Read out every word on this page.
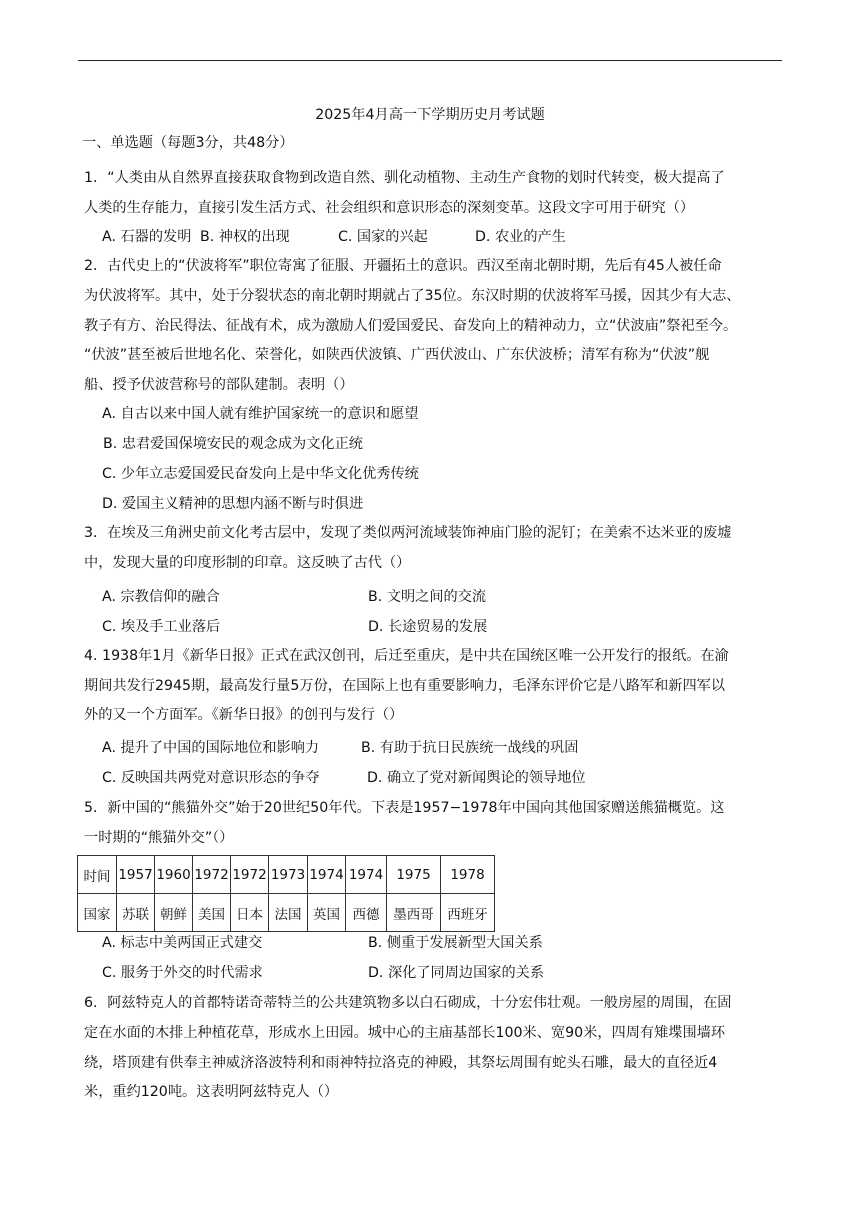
2025年4月高一下学期历史月考试题
一、单选题（每题3分，共48分）
1．“人类由从自然界直接获取食物到改造自然、驯化动植物、主动生产食物的划时代转变，极大提高了
人类的生存能力，直接引发生活方式、社会组织和意识形态的深刻变革。这段文字可用于研究（）
A. 石器的发明 B. 神权的出现	C. 国家的兴起	D. 农业的产生
2．古代史上的“伏波将军”职位寄寓了征服、开疆拓土的意识。西汉至南北朝时期，先后有45人被任命
为伏波将军。其中，处于分裂状态的南北朝时期就占了35位。东汉时期的伏波将军马援，因其少有大志、
教子有方、治民得法、征战有术，成为激励人们爱国爱民、奋发向上的精神动力，立“伏波庙”祭祀至今。
“伏波”甚至被后世地名化、荣誉化，如陕西伏波镇、广西伏波山、广东伏波桥；清军有称为“伏波”舰
船、授予伏波营称号的部队建制。表明（）
A. 自古以来中国人就有维护国家统一的意识和愿望
B. 忠君爱国保境安民的观念成为文化正统
C. 少年立志爱国爱民奋发向上是中华文化优秀传统
D. 爱国主义精神的思想内涵不断与时俱进
3．在埃及三角洲史前文化考古层中，发现了类似两河流域装饰神庙门脸的泥钉；在美索不达米亚的废墟
中，发现大量的印度形制的印章。这反映了古代（）
A. 宗教信仰的融合	B. 文明之间的交流
C. 埃及手工业落后	D. 长途贸易的发展
4. 1938年1月《新华日报》正式在武汉创刊，后迁至重庆，是中共在国统区唯一公开发行的报纸。在渝
期间共发行2945期，最高发行量5万份，在国际上也有重要影响力，毛泽东评价它是八路军和新四军以
外的又一个方面军。《新华日报》的创刊与发行（）
A. 提升了中国的国际地位和影响力	B. 有助于抗日民族统一战线的巩固
C. 反映国共两党对意识形态的争夺	D. 确立了党对新闻舆论的领导地位
5．新中国的“熊猫外交”始于20世纪50年代。下表是1957−1978年中国向其他国家赠送熊猫概览。这
一时期的“熊猫外交”（）
时间	1957	1960	1972	1972	1973	1974	1974	1975	1978
国家	苏联	朝鲜	美国	日本	法国	英国	西德	墨西哥	西班牙
A. 标志中美两国正式建交	B. 侧重于发展新型大国关系
C. 服务于外交的时代需求	D. 深化了同周边国家的关系
6．阿兹特克人的首都特诺奇蒂特兰的公共建筑物多以白石砌成，十分宏伟壮观。一般房屋的周围，在固
定在水面的木排上种植花草，形成水上田园。城中心的主庙基部长100米、宽90米，四周有雉堞围墙环
绕，塔顶建有供奉主神威济洛波特利和雨神特拉洛克的神殿，其祭坛周围有蛇头石雕，最大的直径近4
米，重约120吨。这表明阿兹特克人（）
